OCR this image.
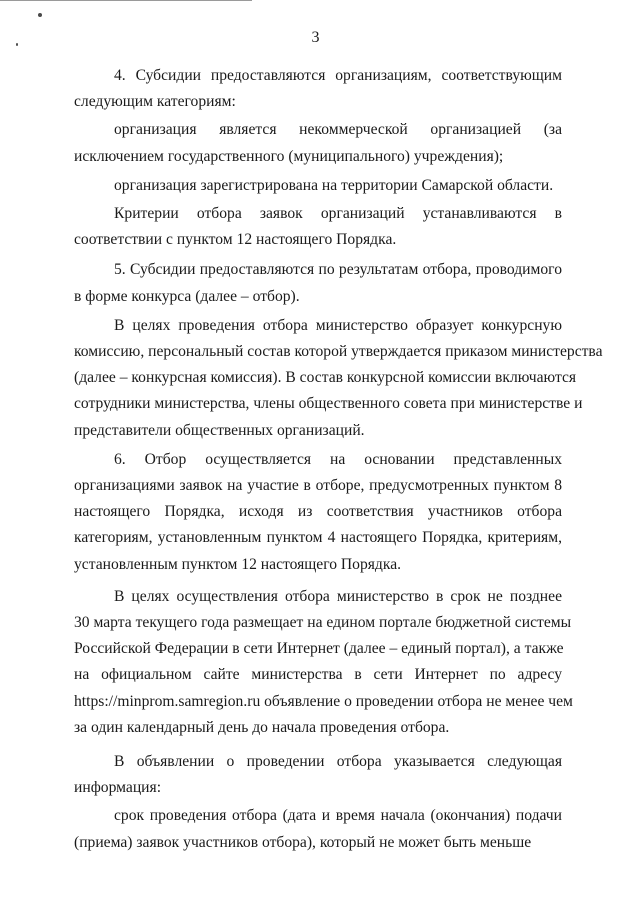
3
4. Субсидии предоставляются организациям, соответствующим
следующим категориям:
организация является некоммерческой организацией (за
исключением государственного (муниципального) учреждения);
организация зарегистрирована на территории Самарской области.
Критерии отбора заявок организаций устанавливаются в
соответствии с пунктом 12 настоящего Порядка.
5. Субсидии предоставляются по результатам отбора, проводимого
в форме конкурса (далее – отбор).
В целях проведения отбора министерство образует конкурсную
комиссию, персональный состав которой утверждается приказом министерства
(далее – конкурсная комиссия). В состав конкурсной комиссии включаются
сотрудники министерства, члены общественного совета при министерстве и
представители общественных организаций.
6. Отбор осуществляется на основании представленных
организациями заявок на участие в отборе, предусмотренных пунктом 8
настоящего Порядка, исходя из соответствия участников отбора
категориям, установленным пунктом 4 настоящего Порядка, критериям,
установленным пунктом 12 настоящего Порядка.
В целях осуществления отбора министерство в срок не позднее
30 марта текущего года размещает на едином портале бюджетной системы
Российской Федерации в сети Интернет (далее – единый портал), а также
на официальном сайте министерства в сети Интернет по адресу
https://minprom.samregion.ru объявление о проведении отбора не менее чем
за один календарный день до начала проведения отбора.
В объявлении о проведении отбора указывается следующая
информация:
срок проведения отбора (дата и время начала (окончания) подачи
(приема) заявок участников отбора), который не может быть меньше
